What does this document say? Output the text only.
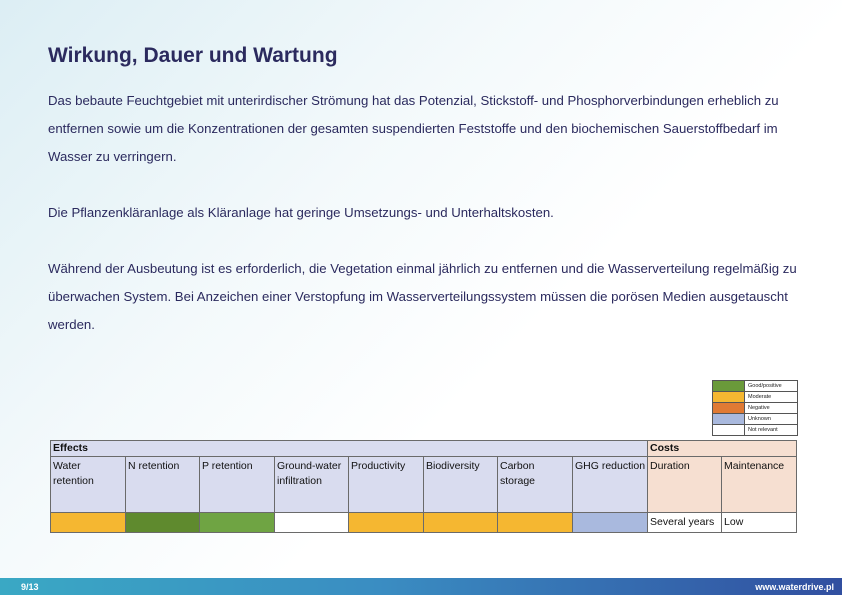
Wirkung, Dauer und Wartung

Das bebaute Feuchtgebiet mit unterirdischer Strömung hat das Potenzial, Stickstoff- und Phosphorverbindungen erheblich zu entfernen sowie um die Konzentrationen der gesamten suspendierten Feststoffe und den biochemischen Sauerstoffbedarf im Wasser zu verringern.

Die Pflanzenkläranlage als Kläranlage hat geringe Umsetzungs- und Unterhaltskosten.

Während der Ausbeutung ist es erforderlich, die Vegetation einmal jährlich zu entfernen und die Wasserverteilung regelmäßig zu überwachen System. Bei Anzeichen einer Verstopfung im Wasserverteilungssystem müssen die porösen Medien ausgetauscht werden.

Good/positive
Moderate
Negative
Unknown
Not relevant
Effects								Costs	
Water retention	N retention	P retention	Ground-water infiltration	Productivity	Biodiversity	Carbon storage	GHG reduction	Duration	Maintenance
								Several years	Low
9/13	www.waterdrive.pl
